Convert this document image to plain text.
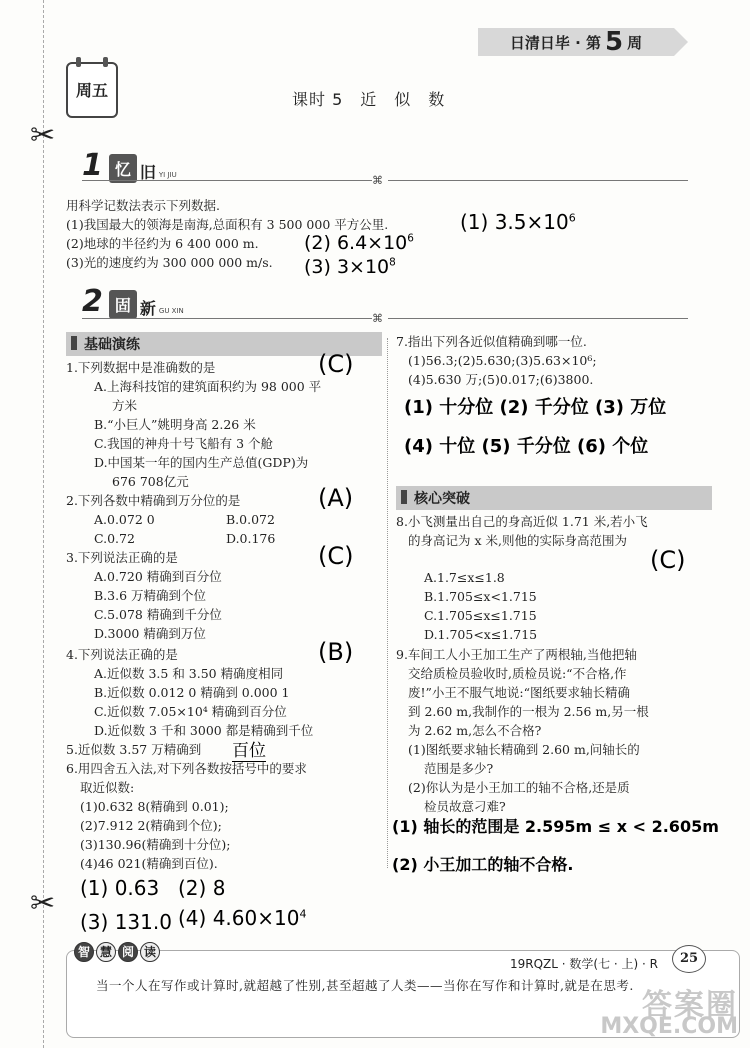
✂
✂
日清日毕 · 第 5 周
周五	课时 5　近　似　数
1 忆 旧 YI JIU	⌘
用科学记数法表示下列数据.
(1)我国最大的领海是南海,总面积有 3 500 000 平方公里.
(2)地球的半径约为 6 400 000 m.
(3)光的速度约为 300 000 000 m/s.
(1) $3.5\times 10^6$
(2) $6.4\times 10^6$
(3) $3\times 10^8$
2 固 新 GU XIN
⌘
基础演练
1.下列数据中是准确数的是
A.上海科技馆的建筑面积约为 98 000 平
方米
B.“小巨人”姚明身高 2.26 米
C.我国的神舟十号飞船有 3 个舱
D.中国某一年的国内生产总值(GDP)为
676 708亿元
(C)
2.下列各数中精确到万分位的是
A.0.072 0	B.0.072
C.0.72	D.0.176
(A)
3.下列说法正确的是
A.0.720 精确到百分位
B.3.6 万精确到个位
C.5.078 精确到千分位
D.3000 精确到万位
(C)
4.下列说法正确的是
A.近似数 3.5 和 3.50 精确度相同
B.近似数 0.012 0 精确到 0.000 1
C.近似数 7.05×10⁴ 精确到百分位
D.近似数 3 千和 3000 都是精确到千位
(B)
5.近似数 3.57 万精确到 百位
6.用四舍五入法,对下列各数按括号中的要求
取近似数:
(1)0.632 8(精确到 0.01);
(2)7.912 2(精确到个位);
(3)130.96(精确到十分位);
(4)46 021(精确到百位).
(1) 0.63 (2) 8
(3) 131.0 (4) $4.60\times 10^4$
7.指出下列各近似值精确到哪一位.
(1)56.3;(2)5.630;(3)5.63×10⁶;
(4)5.630 万;(5)0.017;(6)3800.
(1) 十分位 (2) 千分位 (3) 万位
(4) 十位 (5) 千分位 (6) 个位
核心突破
8.小飞测量出自己的身高近似 1.71 米,若小飞
的身高记为 x 米,则他的实际身高范围为
(C)
A.1.7≤x≤1.8
B.1.705≤x<1.715
C.1.705≤x≤1.715
D.1.705<x≤1.715
9.车间工人小王加工生产了两根轴,当他把轴
交给质检员验收时,质检员说:“不合格,作
废!”小王不服气地说:“图纸要求轴长精确
到 2.60 m,我制作的一根为 2.56 m,另一根
为 2.62 m,怎么不合格?
(1)图纸要求轴长精确到 2.60 m,问轴长的
范围是多少?
(2)你认为是小王加工的轴不合格,还是质
检员故意刁难?
(1) 轴长的范围是 2.595m ≤ x < 2.605m
(2) 小王加工的轴不合格.
智 慧 阅 读
19RQZL · 数学(七 · 上) · R	25
当一个人在写作或计算时,就超越了性别,甚至超越了人类——当你在写作和计算时,就是在思考.
答案圈
MXQE.COM
